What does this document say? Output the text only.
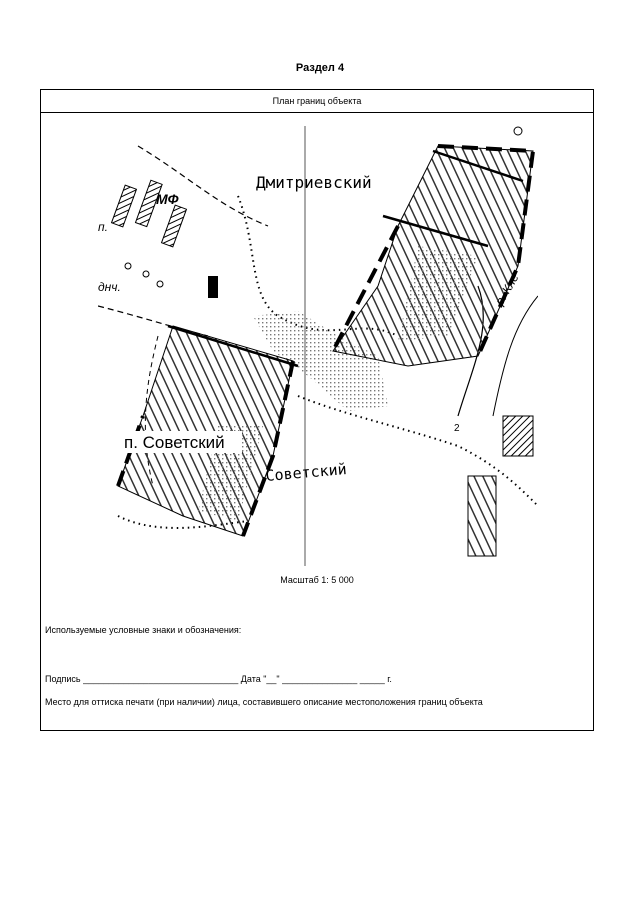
Раздел 4
План границ объекта
Дмитриевский
Советский
МФ
р. Кле
днч.
п.
2
п. Советский
Масштаб 1: 5 000
Используемые условные знаки и обозначения:
Подпись _______________________________ Дата "__" _______________ _____ г.
Место для оттиска печати (при наличии) лица, составившего описание местоположения границ объекта
